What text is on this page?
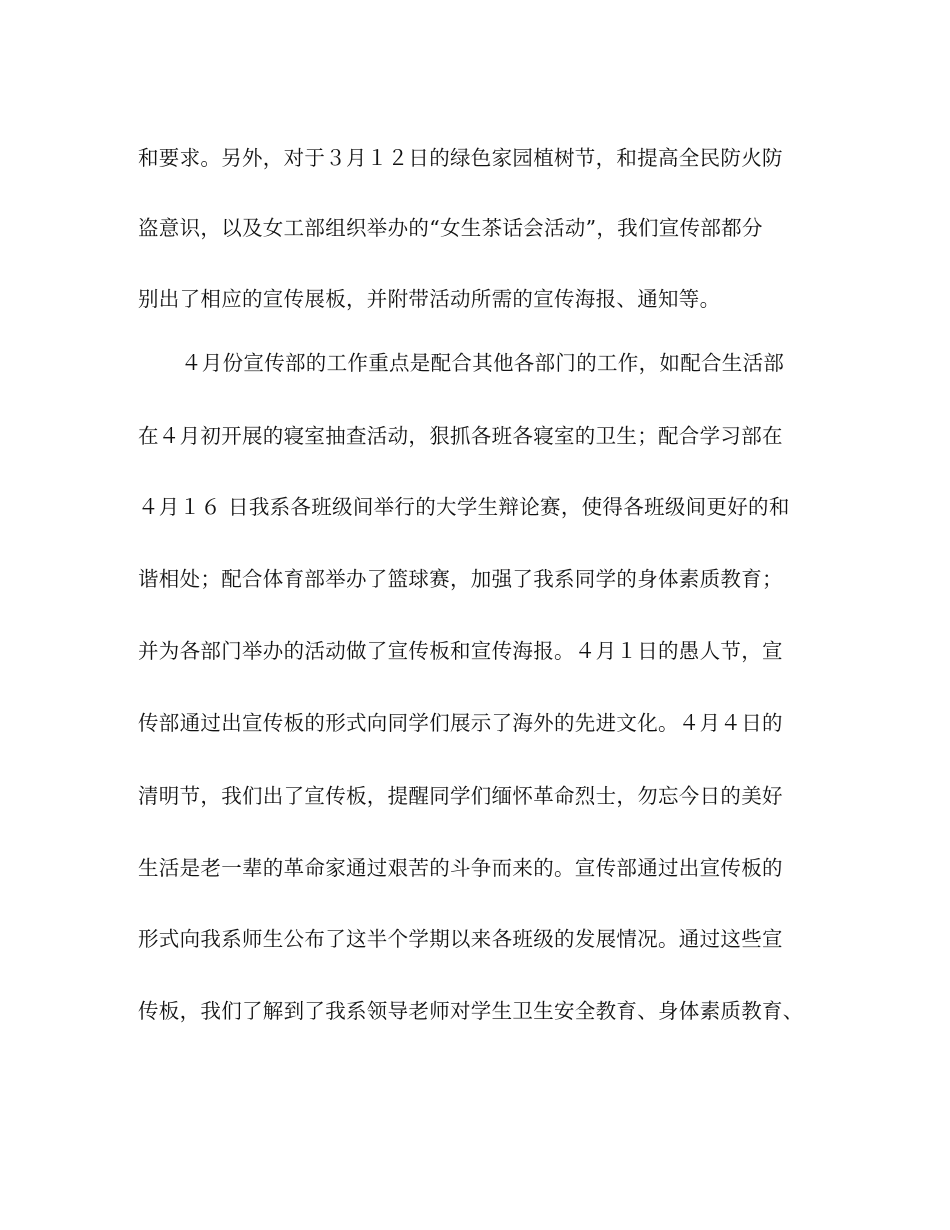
和要求。另外，对于３月１２日的绿色家园植树节，和提高全民防火防
盗意识，以及女工部组织举办的“女生茶话会活动”，我们宣传部都分
别出了相应的宣传展板，并附带活动所需的宣传海报、通知等。
４月份宣传部的工作重点是配合其他各部门的工作，如配合生活部
在４月初开展的寝室抽查活动，狠抓各班各寝室的卫生；配合学习部在
４月１６ 日我系各班级间举行的大学生辩论赛，使得各班级间更好的和
谐相处；配合体育部举办了篮球赛，加强了我系同学的身体素质教育；
并为各部门举办的活动做了宣传板和宣传海报。４月１日的愚人节，宣
传部通过出宣传板的形式向同学们展示了海外的先进文化。４月４日的
清明节，我们出了宣传板，提醒同学们缅怀革命烈士，勿忘今日的美好
生活是老一辈的革命家通过艰苦的斗争而来的。宣传部通过出宣传板的
形式向我系师生公布了这半个学期以来各班级的发展情况。通过这些宣
传板，我们了解到了我系领导老师对学生卫生安全教育、身体素质教育、
